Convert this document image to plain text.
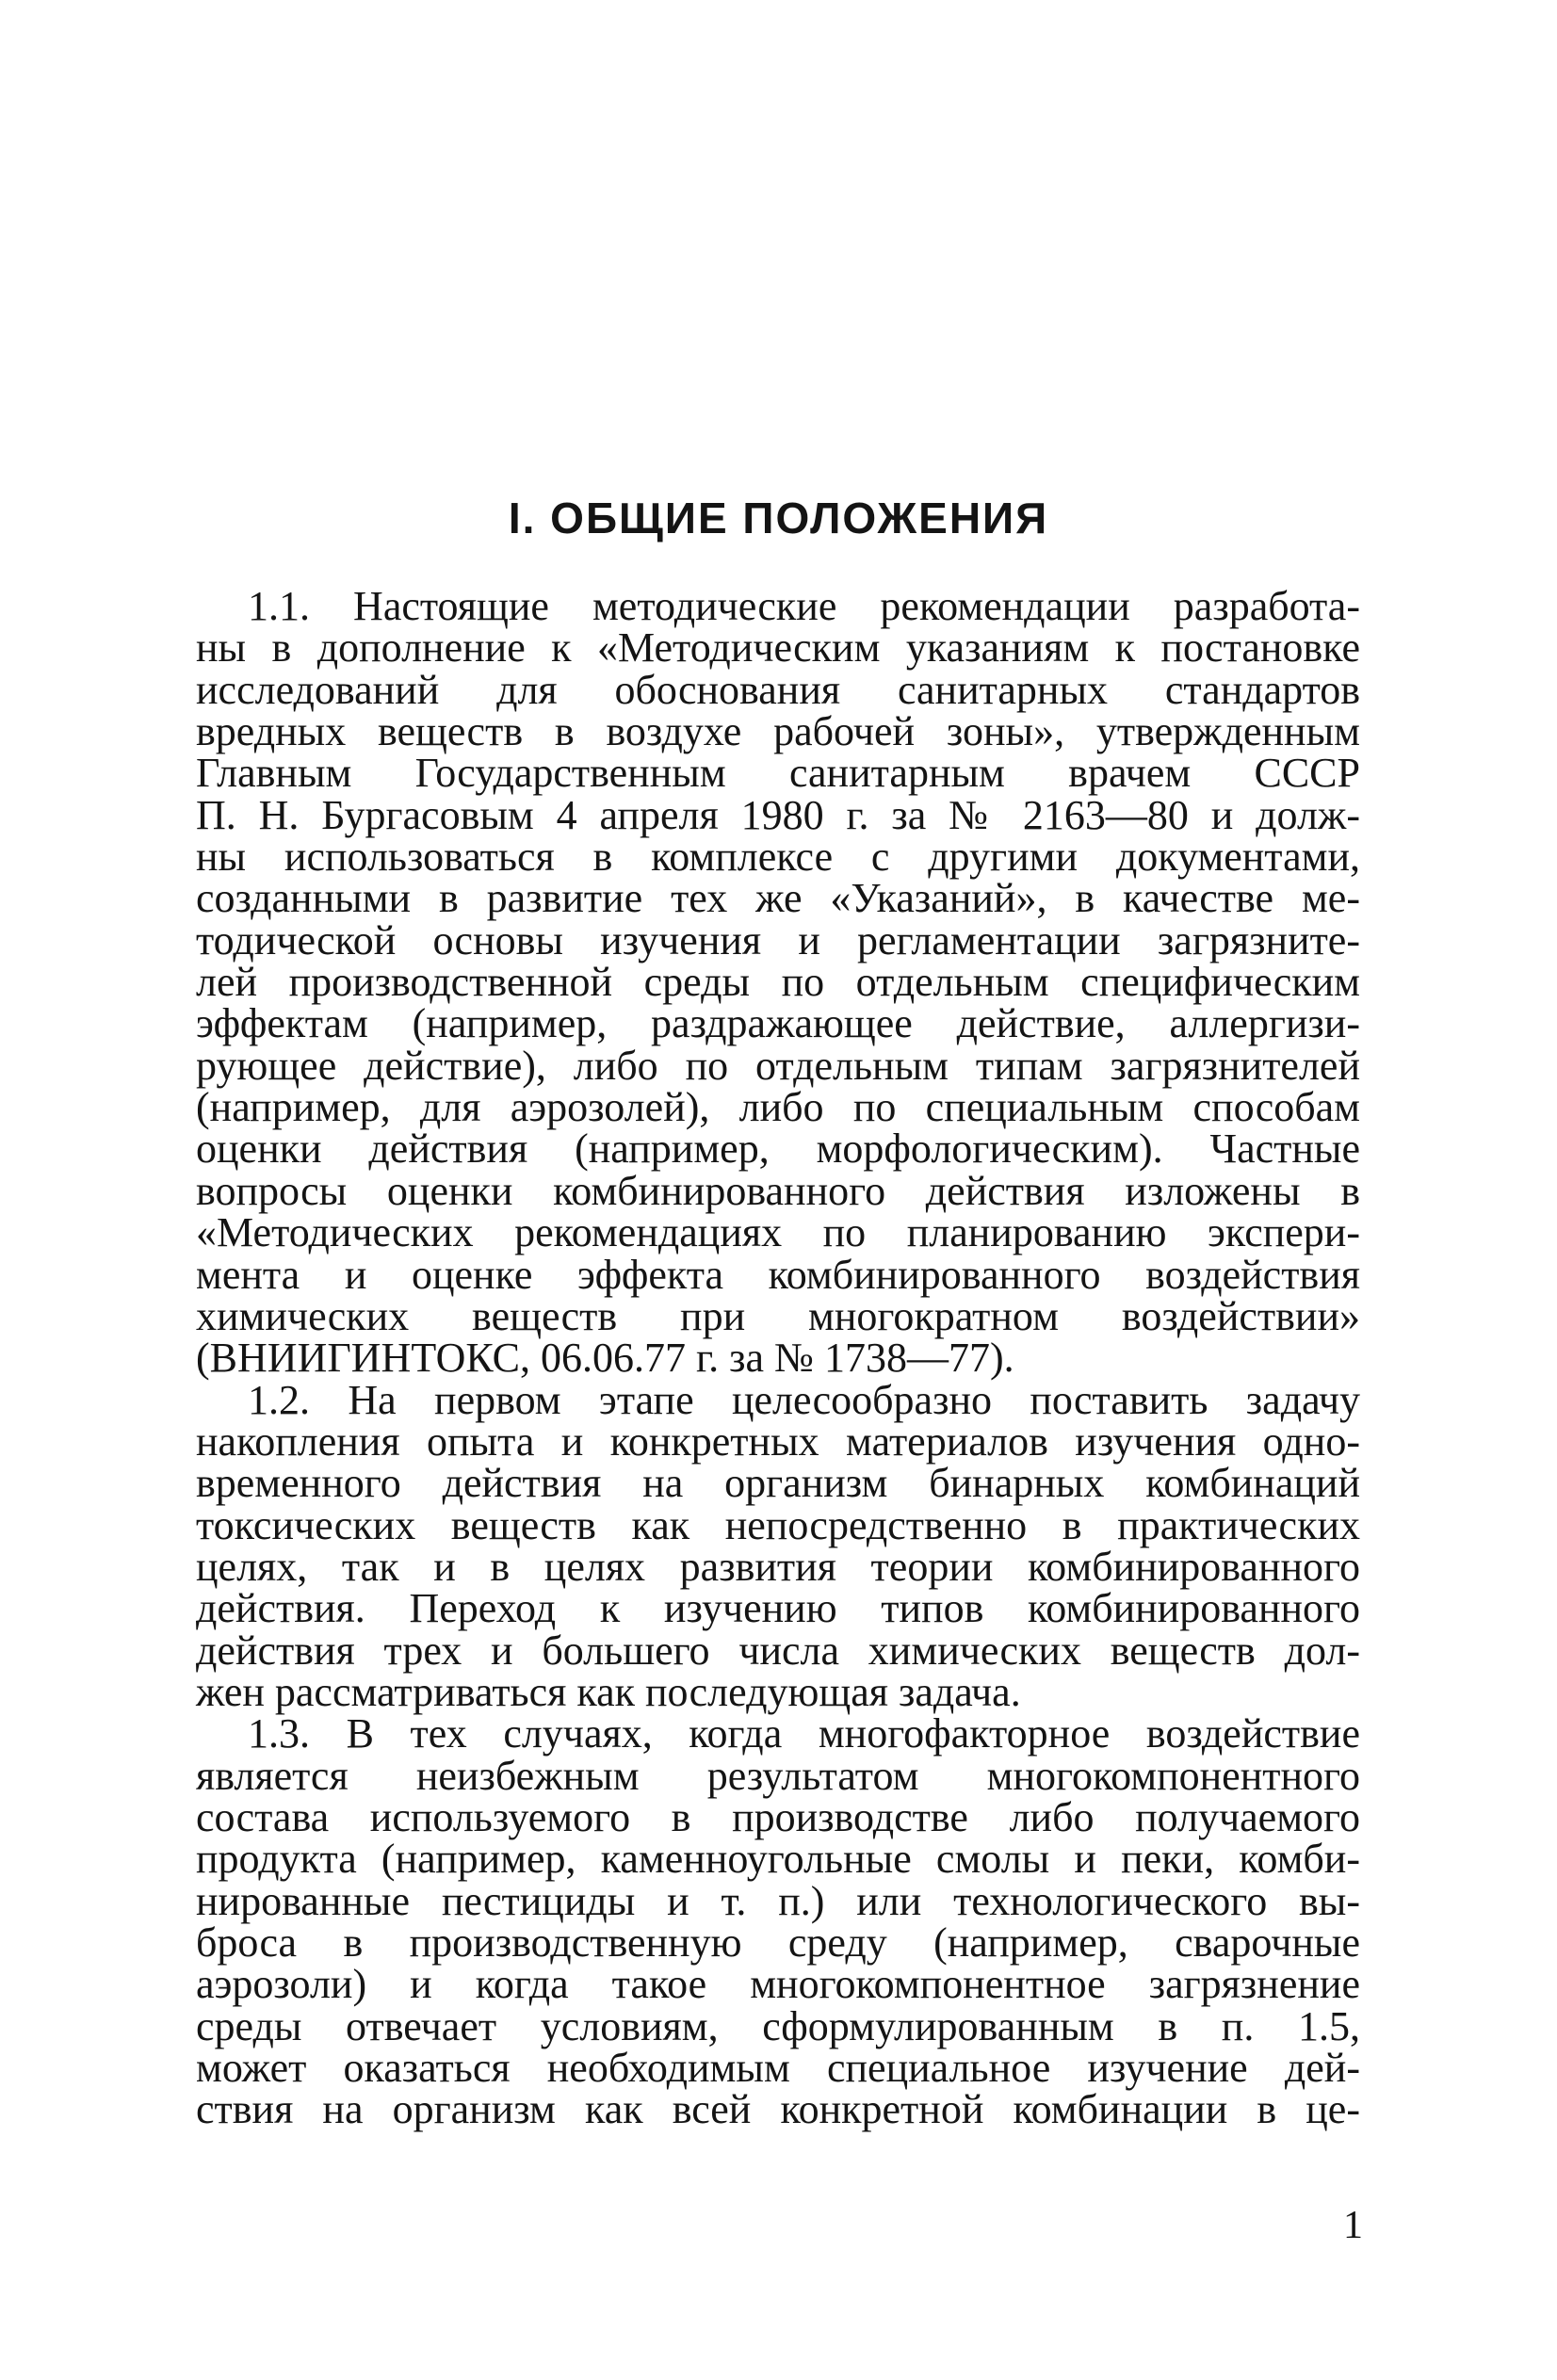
I. ОБЩИЕ ПОЛОЖЕНИЯ
1.1. Настоящие методические рекомендации разработа-
ны в дополнение к «Методическим указаниям к постановке
исследований для обоснования санитарных стандартов
вредных веществ в воздухе рабочей зоны», утвержденным
Главным Государственным санитарным врачем СССР
П. Н. Бургасовым 4 апреля 1980 г. за № 2163—80 и долж-
ны использоваться в комплексе с другими документами,
созданными в развитие тех же «Указаний», в качестве ме-
тодической основы изучения и регламентации загрязните-
лей производственной среды по отдельным специфическим
эффектам (например, раздражающее действие, аллергизи-
рующее действие), либо по отдельным типам загрязнителей
(например, для аэрозолей), либо по специальным способам
оценки действия (например, морфологическим). Частные
вопросы оценки комбинированного действия изложены в
«Методических рекомендациях по планированию экспери-
мента и оценке эффекта комбинированного воздействия
химических веществ при многократном воздействии»
(ВНИИГИНТОКС, 06.06.77 г. за № 1738—77).
1.2. На первом этапе целесообразно поставить задачу
накопления опыта и конкретных материалов изучения одно-
временного действия на организм бинарных комбинаций
токсических веществ как непосредственно в практических
целях, так и в целях развития теории комбинированного
действия. Переход к изучению типов комбинированного
действия трех и большего числа химических веществ дол-
жен рассматриваться как последующая задача.
1.3. В тех случаях, когда многофакторное воздействие
является неизбежным результатом многокомпонентного
состава используемого в производстве либо получаемого
продукта (например, каменноугольные смолы и пеки, комби-
нированные пестициды и т. п.) или технологического вы-
броса в производственную среду (например, сварочные
аэрозоли) и когда такое многокомпонентное загрязнение
среды отвечает условиям, сформулированным в п. 1.5,
может оказаться необходимым специальное изучение дей-
ствия на организм как всей конкретной комбинации в це-
1
